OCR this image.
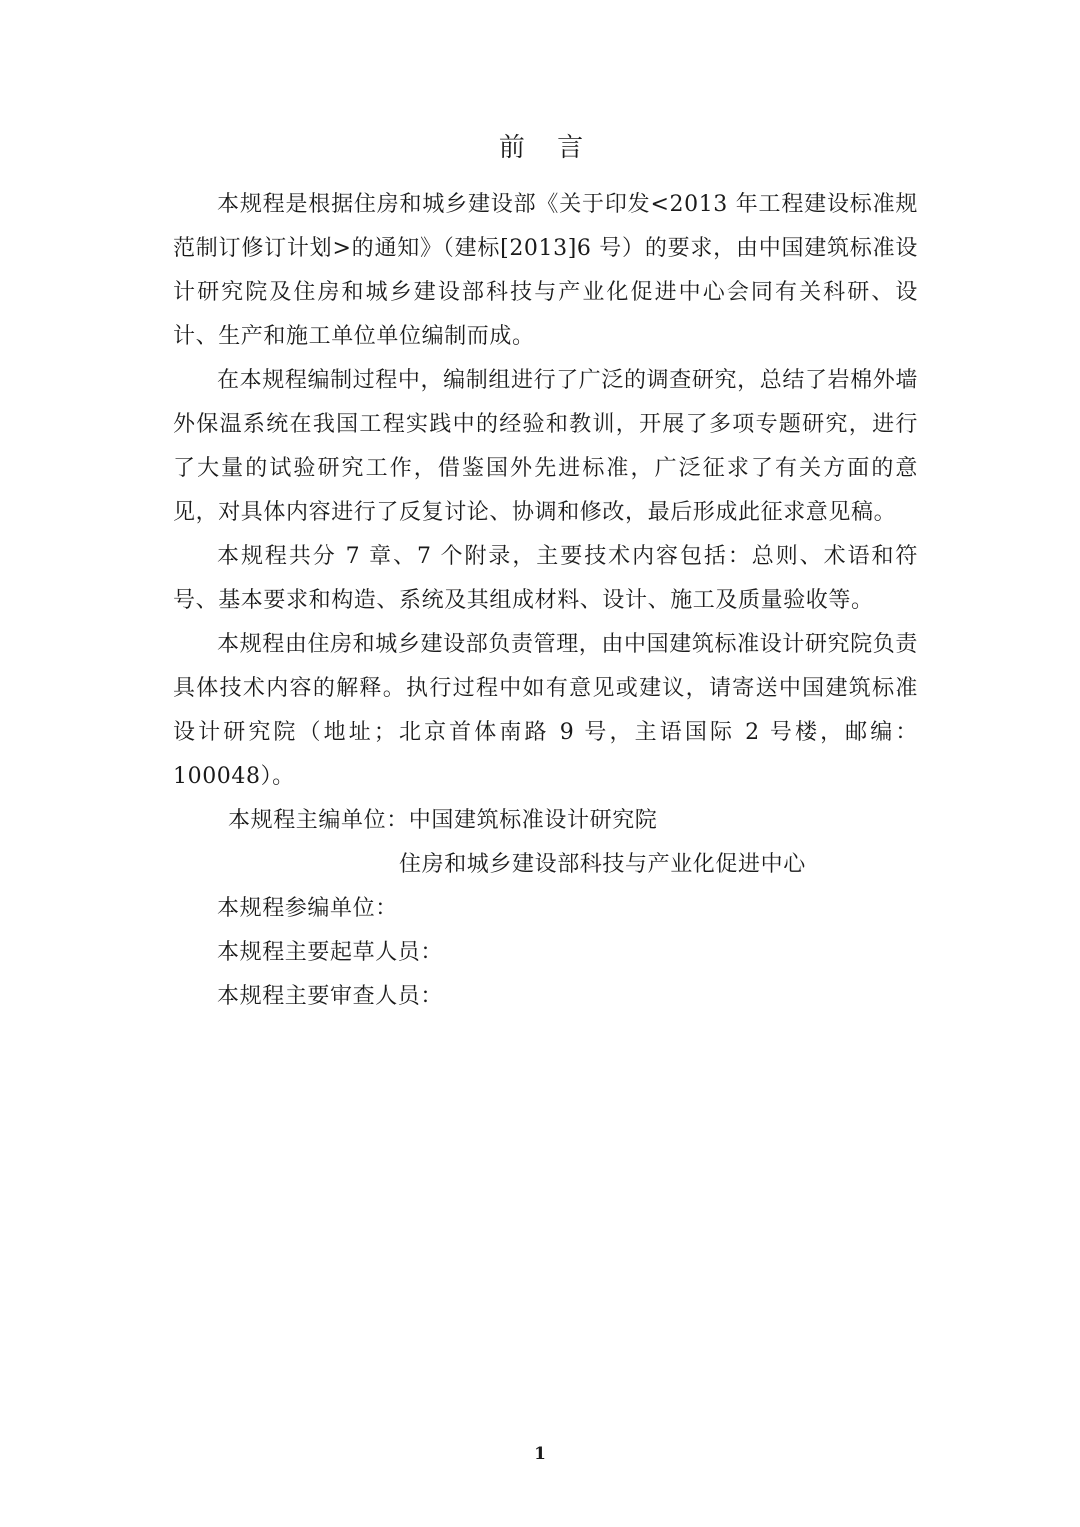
前 言

本规程是根据住房和城乡建设部《关于印发<2013 年工程建设标准规范制订修订计划>的通知》（建标[2013]6 号）的要求，由中国建筑标准设计研究院及住房和城乡建设部科技与产业化促进中心会同有关科研、设计、生产和施工单位单位编制而成。

在本规程编制过程中，编制组进行了广泛的调查研究，总结了岩棉外墙外保温系统在我国工程实践中的经验和教训，开展了多项专题研究，进行了大量的试验研究工作，借鉴国外先进标准，广泛征求了有关方面的意见，对具体内容进行了反复讨论、协调和修改，最后形成此征求意见稿。

本规程共分 7 章、7 个附录，主要技术内容包括：总则、术语和符号、基本要求和构造、系统及其组成材料、设计、施工及质量验收等。

本规程由住房和城乡建设部负责管理，由中国建筑标准设计研究院负责具体技术内容的解释。执行过程中如有意见或建议，请寄送中国建筑标准设计研究院（地址；北京首体南路 9 号，主语国际 2 号楼，邮编：100048）。

本规程主编单位：中国建筑标准设计研究院

住房和城乡建设部科技与产业化促进中心

本规程参编单位：

本规程主要起草人员：

本规程主要审查人员：

1
